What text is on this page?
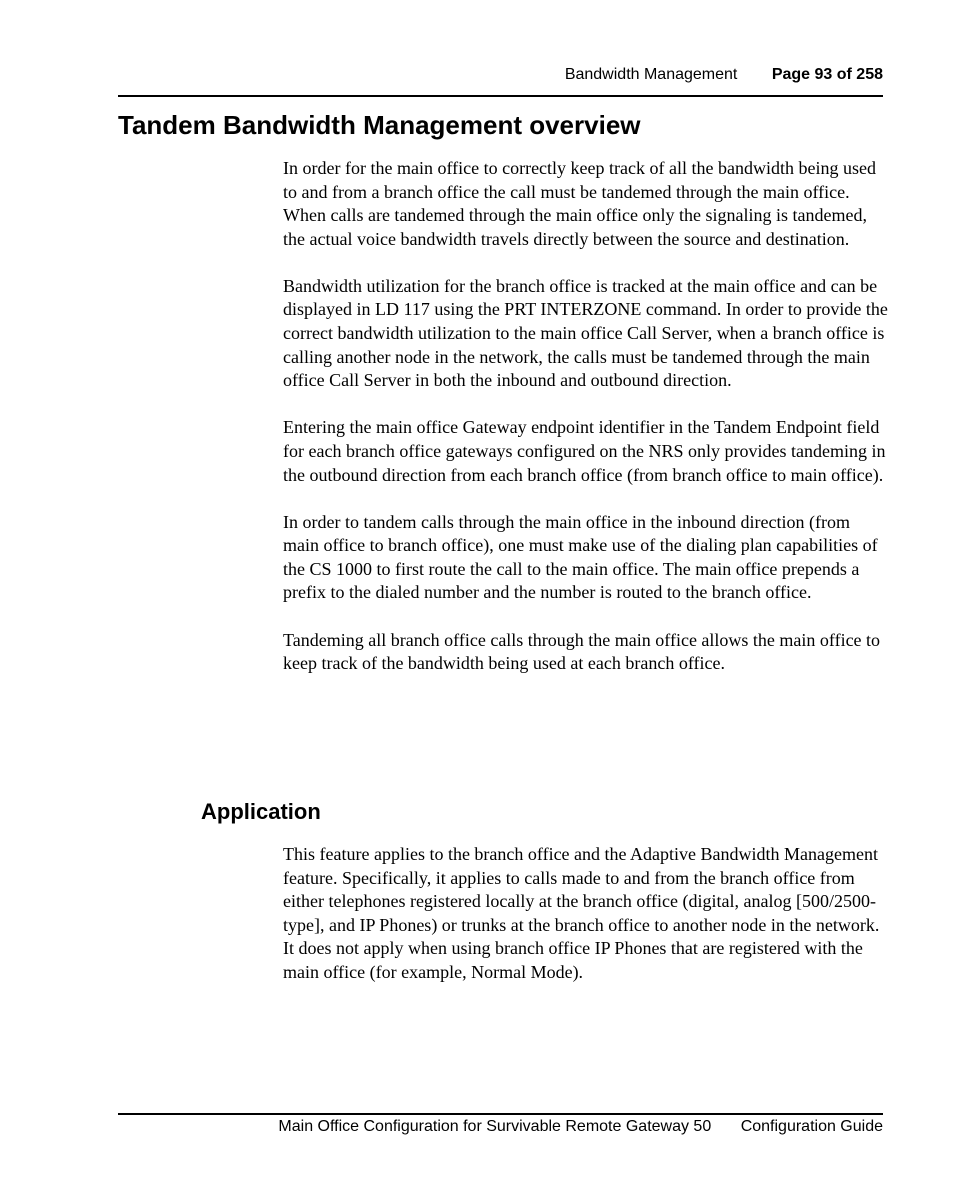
Bandwidth Management Page 93 of 258
Tandem Bandwidth Management overview

In order for the main office to correctly keep track of all the bandwidth being used to and from a branch office the call must be tandemed through the main office. When calls are tandemed through the main office only the signaling is tandemed, the actual voice bandwidth travels directly between the source and destination.

Bandwidth utilization for the branch office is tracked at the main office and can be displayed in LD 117 using the PRT INTERZONE command. In order to provide the correct bandwidth utilization to the main office Call Server, when a branch office is calling another node in the network, the calls must be tandemed through the main office Call Server in both the inbound and outbound direction.

Entering the main office Gateway endpoint identifier in the Tandem Endpoint field for each branch office gateways configured on the NRS only provides tandeming in the outbound direction from each branch office (from branch office to main office).

In order to tandem calls through the main office in the inbound direction (from main office to branch office), one must make use of the dialing plan capabilities of the CS 1000 to first route the call to the main office. The main office prepends a prefix to the dialed number and the number is routed to the branch office.

Tandeming all branch office calls through the main office allows the main office to keep track of the bandwidth being used at each branch office.

Application

This feature applies to the branch office and the Adaptive Bandwidth Management feature. Specifically, it applies to calls made to and from the branch office from either telephones registered locally at the branch office (digital, analog [500/2500-type], and IP Phones) or trunks at the branch office to another node in the network. It does not apply when using branch office IP Phones that are registered with the main office (for example, Normal Mode).

Main Office Configuration for Survivable Remote Gateway 50 Configuration Guide
